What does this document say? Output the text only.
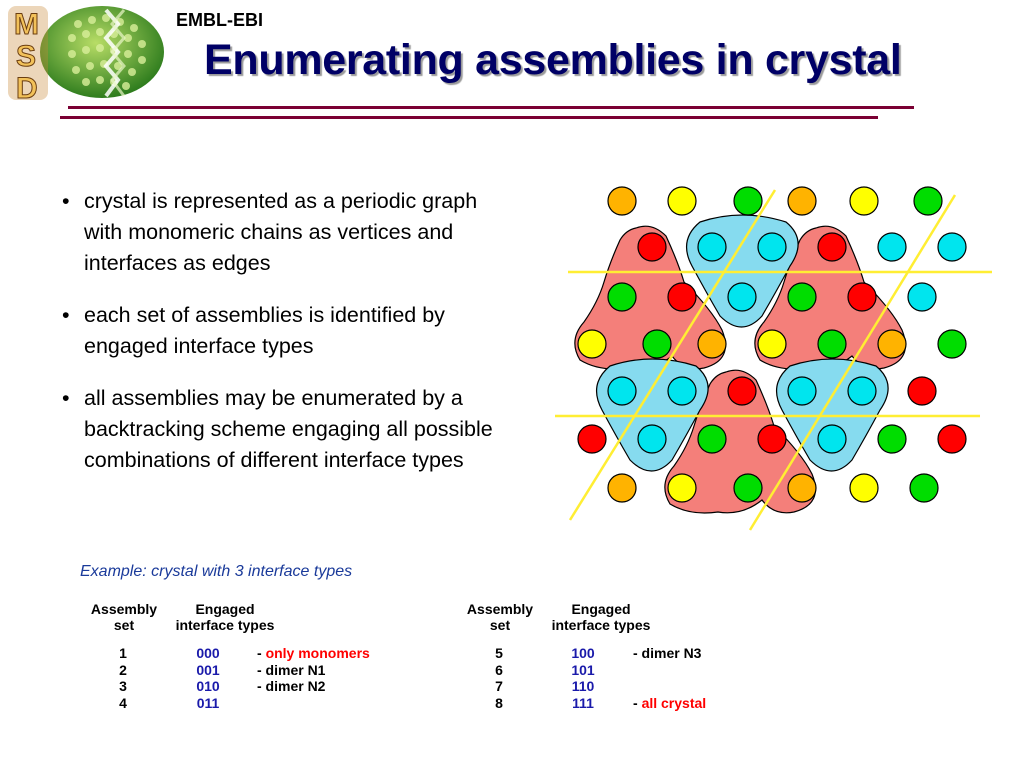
M
S
D
EMBL-EBI
Enumerating assemblies in crystal
• crystal is represented as a periodic graph with monomeric chains as vertices and interfaces as edges
• each set of assemblies is identified by engaged interface types
• all assemblies may be enumerated by a backtracking scheme engaging all possible combinations of different interface types
Example: crystal with 3 interface types
Assembly
set
Engaged
interface types
1	000	- only monomers
2	001	- dimer N1
3	010	- dimer N2
4	011
Assembly
set
Engaged
interface types
5	100	- dimer N3
6	101
7	110
8	111	- all crystal
